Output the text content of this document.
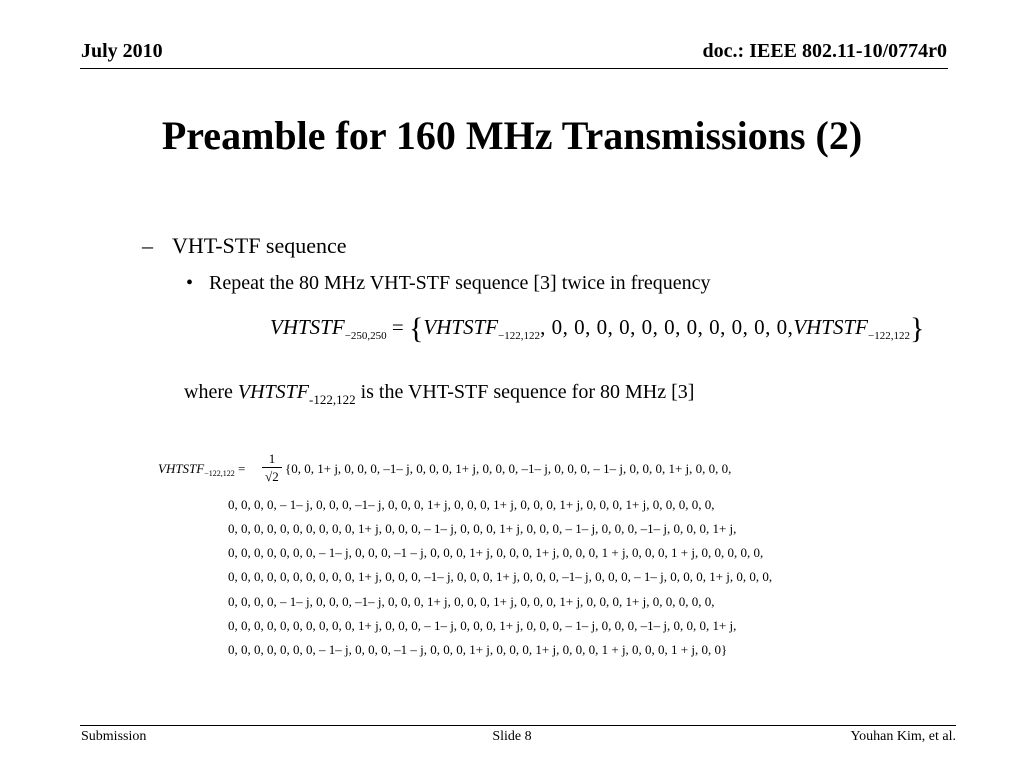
July 2010	doc.: IEEE 802.11-10/0774r0
Preamble for 160 MHz Transmissions (2)
– VHT-STF sequence
• Repeat the 80 MHz VHT-STF sequence [3] twice in frequency
$VHTSTF_{-250,250}$ = {$VHTSTF_{-122,122}$, 0, 0, 0, 0, 0, 0, 0, 0, 0, 0, $0,VHTSTF_{-122,122}$}
where $VHTSTF_{-122,122}$ is the VHT-STF sequence for 80 MHz [3]
$VHTSTF_{-122,122}$ =
1
√2
{0, 0, 1+ j, 0, 0, 0, –1– j, 0, 0, 0, 1+ j, 0, 0, 0, –1– j, 0, 0, 0, – 1– j, 0, 0, 0, 1+ j, 0, 0, 0,
0, 0, 0, 0, – 1– j, 0, 0, 0, –1– j, 0, 0, 0, 1+ j, 0, 0, 0, 1+ j, 0, 0, 0, 1+ j, 0, 0, 0, 1+ j, 0, 0, 0, 0, 0,
0, 0, 0, 0, 0, 0, 0, 0, 0, 0, 1+ j, 0, 0, 0, – 1– j, 0, 0, 0, 1+ j, 0, 0, 0, – 1– j, 0, 0, 0, –1– j, 0, 0, 0, 1+ j,
0, 0, 0, 0, 0, 0, 0, – 1– j, 0, 0, 0, –1 – j, 0, 0, 0, 1+ j, 0, 0, 0, 1+ j, 0, 0, 0, 1 + j, 0, 0, 0, 1 + j, 0, 0, 0, 0, 0,
0, 0, 0, 0, 0, 0, 0, 0, 0, 0, 1+ j, 0, 0, 0, –1– j, 0, 0, 0, 1+ j, 0, 0, 0, –1– j, 0, 0, 0, – 1– j, 0, 0, 0, 1+ j, 0, 0, 0,
0, 0, 0, 0, – 1– j, 0, 0, 0, –1– j, 0, 0, 0, 1+ j, 0, 0, 0, 1+ j, 0, 0, 0, 1+ j, 0, 0, 0, 1+ j, 0, 0, 0, 0, 0,
0, 0, 0, 0, 0, 0, 0, 0, 0, 0, 1+ j, 0, 0, 0, – 1– j, 0, 0, 0, 1+ j, 0, 0, 0, – 1– j, 0, 0, 0, –1– j, 0, 0, 0, 1+ j,
0, 0, 0, 0, 0, 0, 0, – 1– j, 0, 0, 0, –1 – j, 0, 0, 0, 1+ j, 0, 0, 0, 1+ j, 0, 0, 0, 1 + j, 0, 0, 0, 1 + j, 0, 0}
Submission	Slide 8	Youhan Kim, et al.
